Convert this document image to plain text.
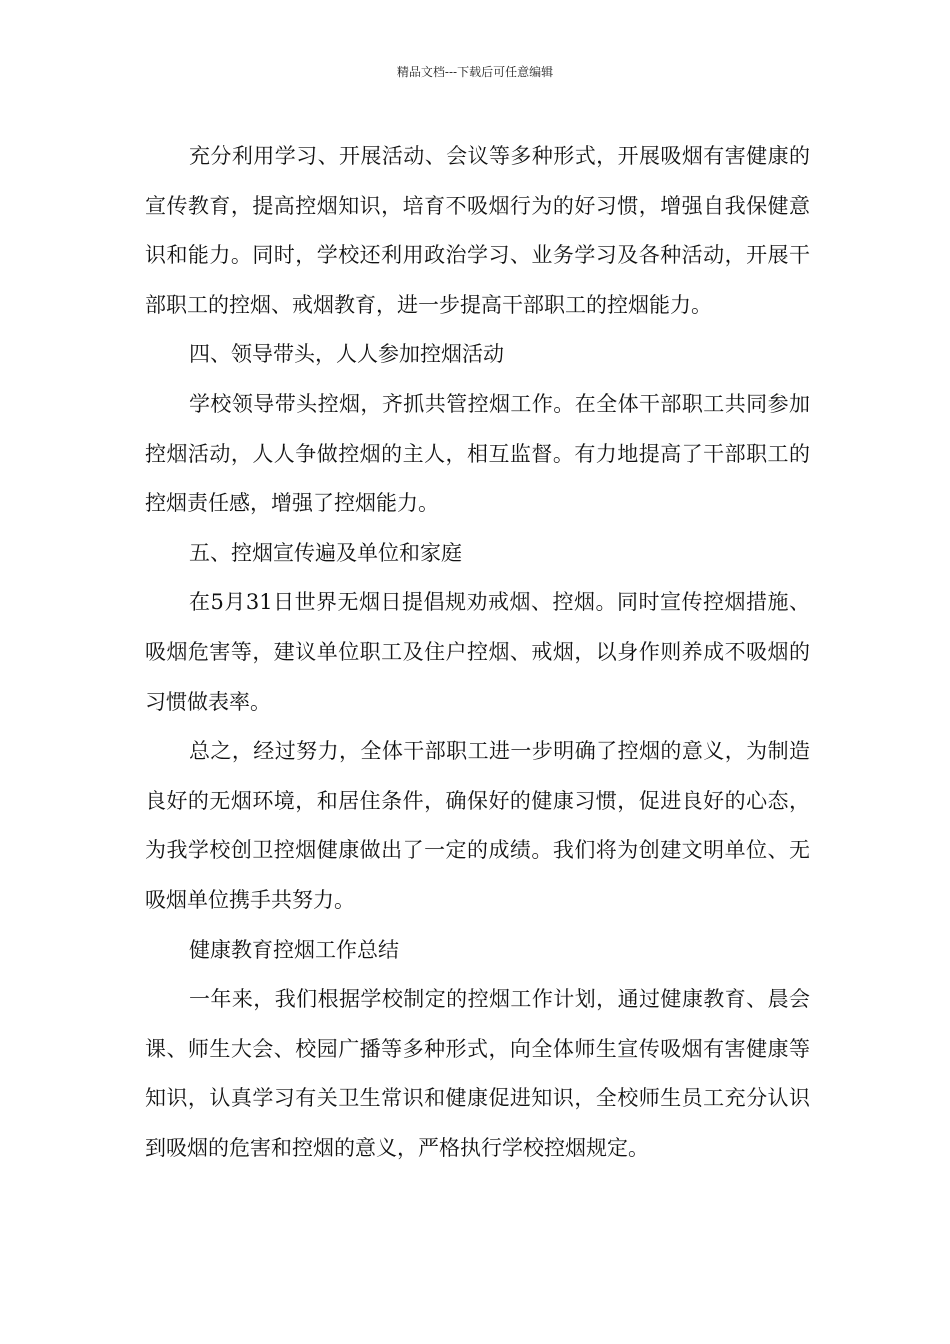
精品文档---下载后可任意编辑

充分利用学习、开展活动、会议等多种形式，开展吸烟有害健康的宣传教育，提高控烟知识，培育不吸烟行为的好习惯，增强自我保健意识和能力。同时，学校还利用政治学习、业务学习及各种活动，开展干部职工的控烟、戒烟教育，进一步提高干部职工的控烟能力。

四、领导带头，人人参加控烟活动

学校领导带头控烟，齐抓共管控烟工作。在全体干部职工共同参加控烟活动，人人争做控烟的主人，相互监督。有力地提高了干部职工的控烟责任感，增强了控烟能力。

五、控烟宣传遍及单位和家庭

在5月31日世界无烟日提倡规劝戒烟、控烟。同时宣传控烟措施、吸烟危害等，建议单位职工及住户控烟、戒烟，以身作则养成不吸烟的习惯做表率。

总之，经过努力，全体干部职工进一步明确了控烟的意义，为制造良好的无烟环境，和居住条件，确保好的健康习惯，促进良好的心态，为我学校创卫控烟健康做出了一定的成绩。我们将为创建文明单位、无吸烟单位携手共努力。

健康教育控烟工作总结

一年来，我们根据学校制定的控烟工作计划，通过健康教育、晨会课、师生大会、校园广播等多种形式，向全体师生宣传吸烟有害健康等知识，认真学习有关卫生常识和健康促进知识，全校师生员工充分认识到吸烟的危害和控烟的意义，严格执行学校控烟规定。
